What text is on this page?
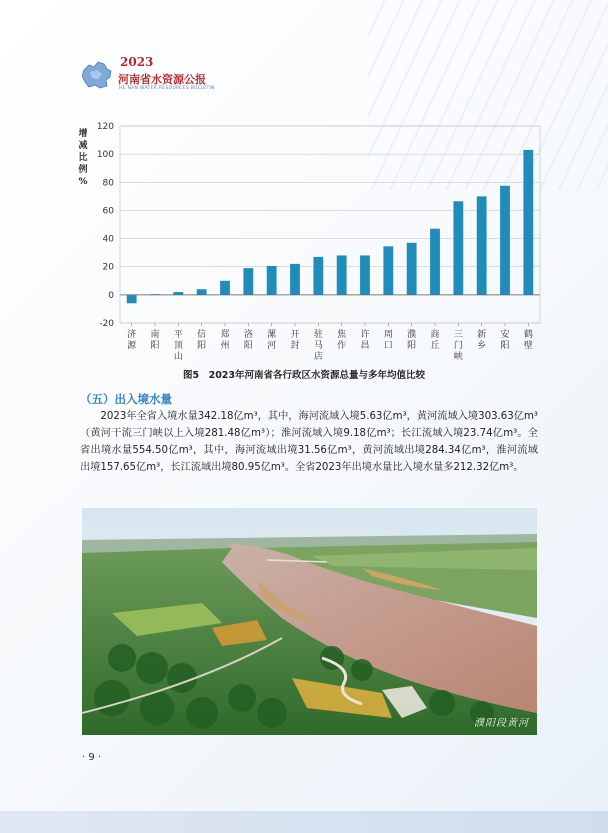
2023
河南省水资源公报
HE NAN WATER RESOURCES BULLETIN
增
减
比
例
%
-20
0
20
40
60
80
100
120
济源
南阳
平顶山
信阳
郑州
洛阳
漯河
开封
驻马店
焦作
许昌
周口
濮阳
商丘
三门峡
新乡
安阳
鹤壁
图5　2023年河南省各行政区水资源总量与多年均值比较
（五）出入境水量

2023年全省入境水量342.18亿m³，其中，海河流域入境5.63亿m³，黄河流域入境303.63亿m³（黄河干流三门峡以上入境281.48亿m³）；淮河流域入境9.18亿m³；长江流域入境23.74亿m³。全省出境水量554.50亿m³，其中，海河流域出境31.56亿m³，黄河流域出境284.34亿m³，淮河流域出境157.65亿m³，长江流域出境80.95亿m³。全省2023年出境水量比入境水量多212.32亿m³。

濮阳段黄河
· 9 ·
